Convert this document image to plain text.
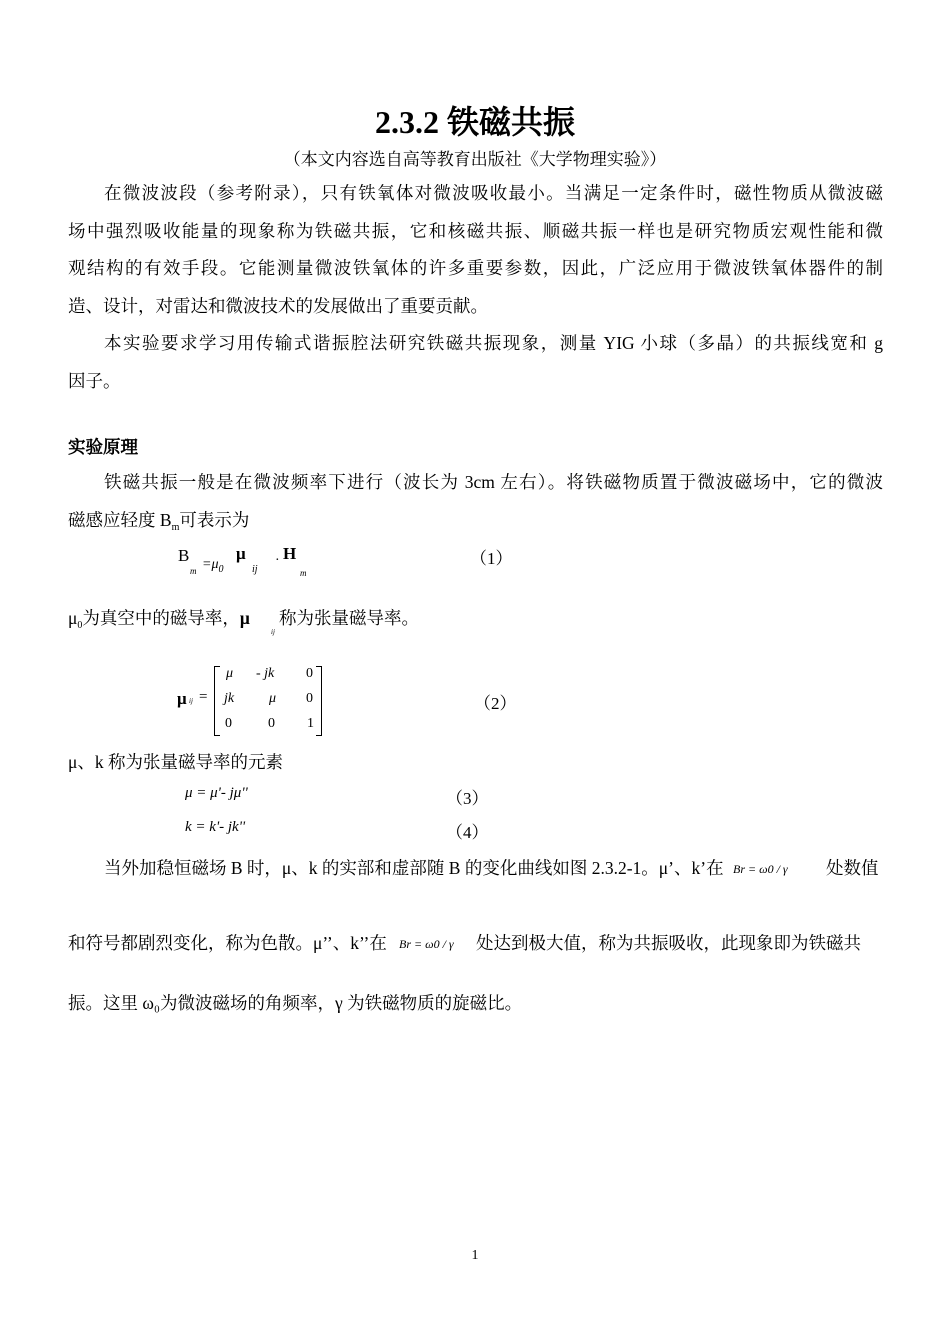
2.3.2 铁磁共振
（本文内容选自高等教育出版社《大学物理实验》）
在微波波段（参考附录），只有铁氧体对微波吸收最小。当满足一定条件时，磁性物质从微波磁
场中强烈吸收能量的现象称为铁磁共振，它和核磁共振、顺磁共振一样也是研究物质宏观性能和微
观结构的有效手段。它能测量微波铁氧体的许多重要参数，因此，广泛应用于微波铁氧体器件的制
造、设计，对雷达和微波技术的发展做出了重要贡献。
本实验要求学习用传输式谐振腔法研究铁磁共振现象，测量 YIG 小球（多晶）的共振线宽和 g
因子。
实验原理
铁磁共振一般是在微波频率下进行（波长为 3cm 左右）。将铁磁物质置于微波磁场中，它的微波
磁感应轻度 $B_m$可表示为
B
$m =\mu_0$
μ
ij
· H
m
（1）
$\mu_0$为真空中的磁导率，μ
ij
称为张量磁导率。
μ ij =
μ - jk 0
jk μ 0
0	0 1
（2）
μ、k 称为张量磁导率的元素
μ = μ'- jμ''	（3）
k = k'- jk''	（4）
当外加稳恒磁场 B 时，μ、k 的实部和虚部随 B 的变化曲线如图 2.3.2-1。μ’、k’在 Br = ω0 / γ 处数值
和符号都剧烈变化，称为色散。μ’’、k’’在 Br = ω0 / γ 处达到极大值，称为共振吸收，此现象即为铁磁共
振。这里 ω₀为微波磁场的角频率，γ 为铁磁物质的旋磁比。
1
